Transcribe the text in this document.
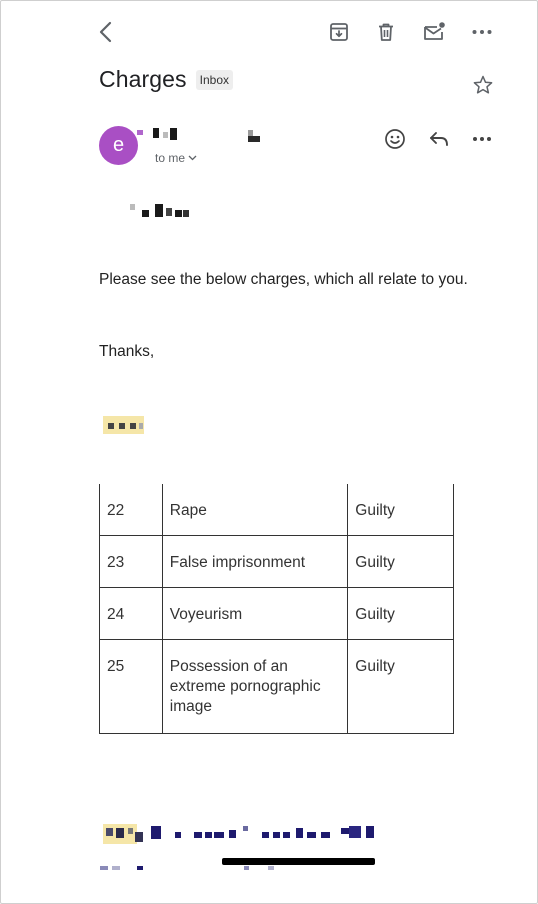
Charges	Inbox
e
to me
Please see the below charges, which all relate to you.
Thanks,
22	Rape	Guilty
23	False imprisonment	Guilty
24	Voyeurism	Guilty
25	Possession of an extreme pornographic image	Guilty
